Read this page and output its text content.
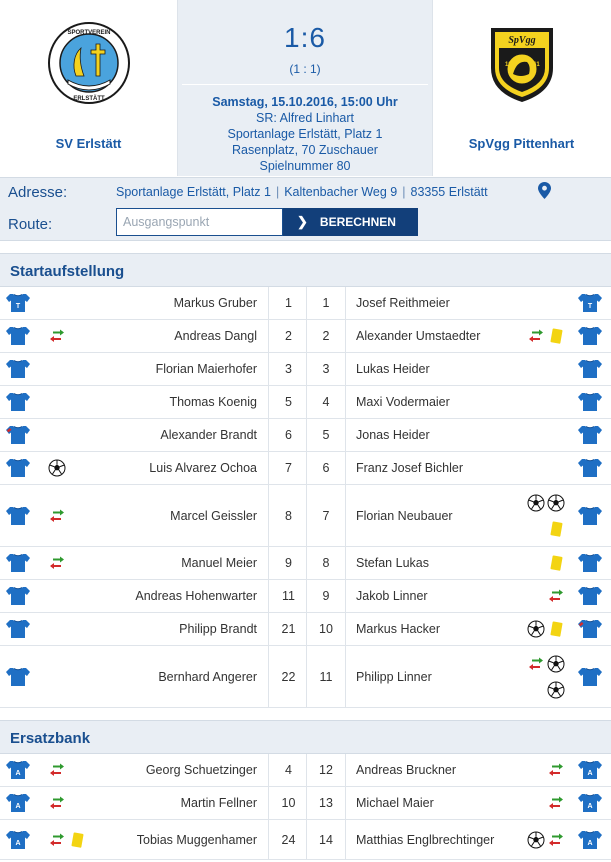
SPORTVEREIN
ERLSTÄTT
SV Erlstätt
1:6
(1 : 1)
Samstag, 15.10.2016, 15:00 Uhr
SR: Alfred Linhart
Sportanlage Erlstätt, Platz 1
Rasenplatz, 70 Zuschauer
Spielnummer 80
SpVgg
19	61
SpVgg Pittenhart
Adresse:	Sportanlage Erlstätt, Platz 1 | Kaltenbacher Weg 9 | 83355 Erlstätt
Route:
Ausgangspunkt	❯ BERECHNEN
Startaufstellung
T	Markus Gruber	1	1	Josef Reithmeier	T
Andreas Dangl	2	2	Alexander Umstaedter
Florian Maierhofer	3	3	Lukas Heider
Thomas Koenig	5	4	Maxi Vodermaier
Alexander Brandt	6	5	Jonas Heider
Luis Alvarez Ochoa	7	6	Franz Josef Bichler
Marcel Geissler	8	7	Florian Neubauer
Manuel Meier	9	8	Stefan Lukas
Andreas Hohenwarter	11	9	Jakob Linner
Philipp Brandt	21	10	Markus Hacker
Bernhard Angerer	22	11	Philipp Linner
Ersatzbank
A	Georg Schuetzinger	4	12	Andreas Bruckner	A
A	Martin Fellner	10	13	Michael Maier	A
A	Tobias Muggenhamer	24	14	Matthias Englbrechtinger	A
